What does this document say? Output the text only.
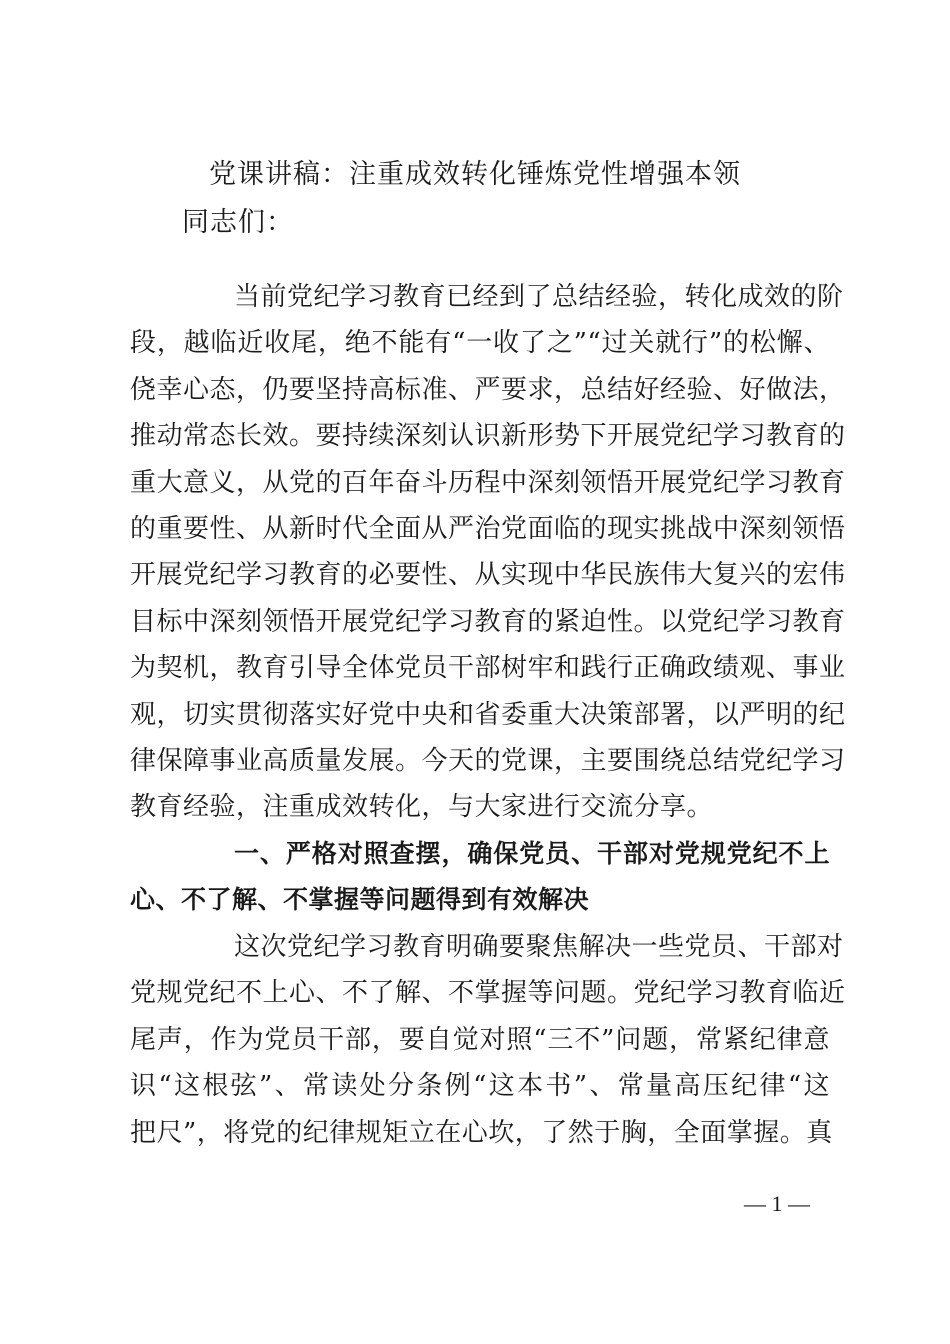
党课讲稿：注重成效转化锤炼党性增强本领
同志们：
当前党纪学习教育已经到了总结经验，转化成效的阶
段，越临近收尾，绝不能有“一收了之”“过关就行”的松懈、
侥幸心态，仍要坚持高标准、严要求，总结好经验、好做法，
推动常态长效。要持续深刻认识新形势下开展党纪学习教育的
重大意义，从党的百年奋斗历程中深刻领悟开展党纪学习教育
的重要性、从新时代全面从严治党面临的现实挑战中深刻领悟
开展党纪学习教育的必要性、从实现中华民族伟大复兴的宏伟
目标中深刻领悟开展党纪学习教育的紧迫性。以党纪学习教育
为契机，教育引导全体党员干部树牢和践行正确政绩观、事业
观，切实贯彻落实好党中央和省委重大决策部署，以严明的纪
律保障事业高质量发展。今天的党课，主要围绕总结党纪学习
教育经验，注重成效转化，与大家进行交流分享。
一、严格对照查摆，确保党员、干部对党规党纪不上
心、不了解、不掌握等问题得到有效解决
这次党纪学习教育明确要聚焦解决一些党员、干部对
党规党纪不上心、不了解、不掌握等问题。党纪学习教育临近
尾声，作为党员干部，要自觉对照“三不”问题，常紧纪律意
识“这根弦”、常读处分条例“这本书”、常量高压纪律“这
把尺”，将党的纪律规矩立在心坎，了然于胸，全面掌握。真
— 1 —
